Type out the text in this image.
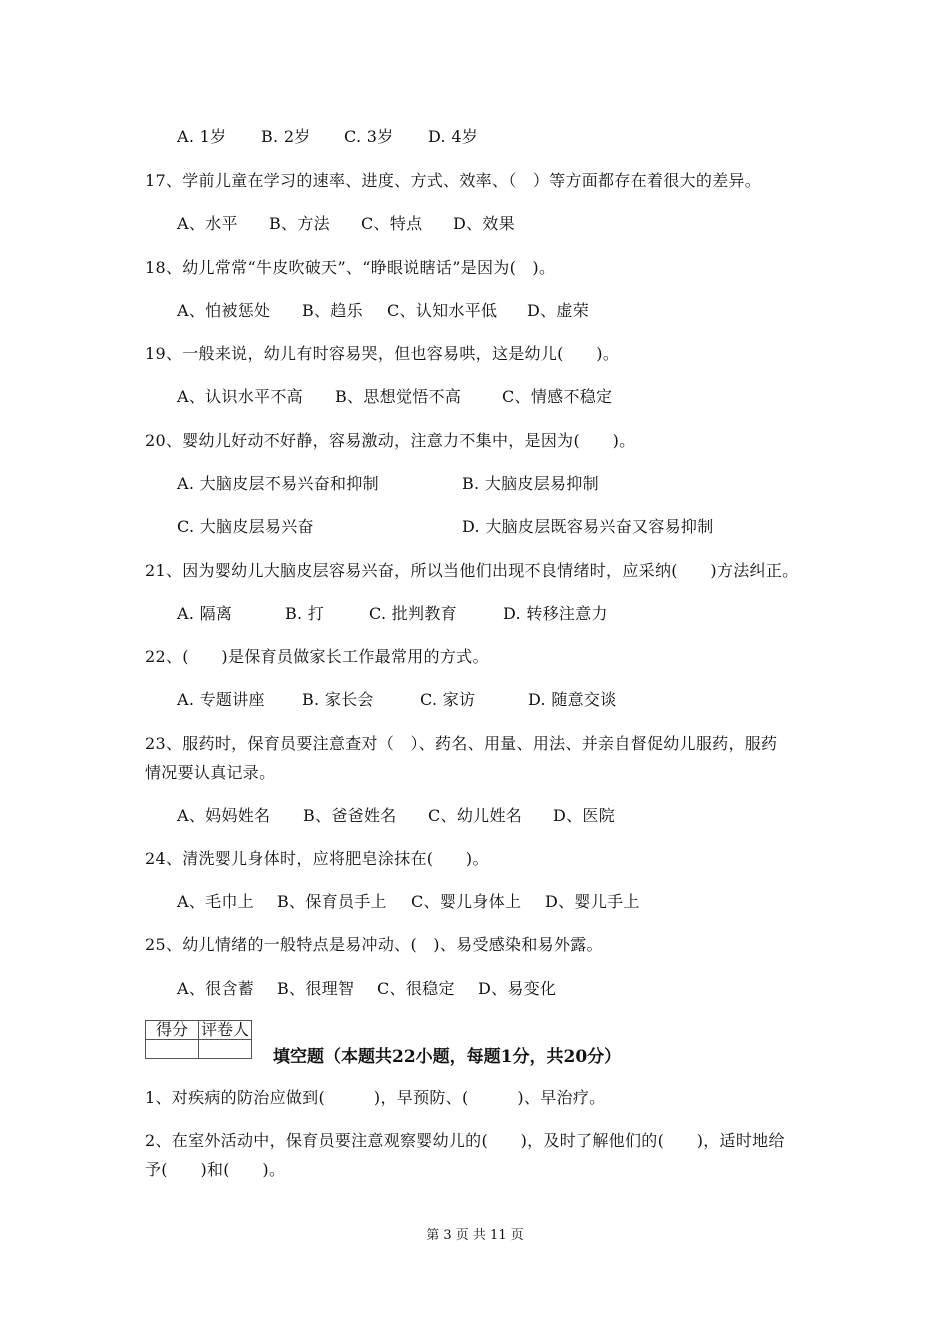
A. 1岁

B. 2岁

C. 3岁

D. 4岁

17、学前儿童在学习的速率、进度、方式、效率、（　）等方面都存在着很大的差异。

A、水平

B、方法

C、特点

D、效果

18、幼儿常常“牛皮吹破天”、“睁眼说瞎话”是因为(　)。

A、怕被惩处

B、趋乐

C、认知水平低

D、虚荣

19、一般来说，幼儿有时容易哭，但也容易哄，这是幼儿(　　)。

A、认识水平不高

B、思想觉悟不高

	C、情感不稳定

20、婴幼儿好动不好静，容易激动，注意力不集中，是因为(　　)。

A. 大脑皮层不易兴奋和抑制

	B. 大脑皮层易抑制

C. 大脑皮层易兴奋

	D. 大脑皮层既容易兴奋又容易抑制

21、因为婴幼儿大脑皮层容易兴奋，所以当他们出现不良情绪时，应采纳(　　)方法纠正。

A. 隔离

	B. 打

	C. 批判教育

	D. 转移注意力

22、(　　)是保育员做家长工作最常用的方式。

A. 专题讲座

B. 家长会

	C. 家访

	D. 随意交谈

23、服药时，保育员要注意查对（　）、药名、用量、用法、并亲自督促幼儿服药，服药
情况要认真记录。

A、妈妈姓名

B、爸爸姓名

C、幼儿姓名

D、医院

24、清洗婴儿身体时，应将肥皂涂抹在(　　)。

A、毛巾上

B、保育员手上

C、婴儿身体上

D、婴儿手上

25、幼儿情绪的一般特点是易冲动、(　)、易受感染和易外露。

A、很含蓄

B、很理智

C、很稳定

D、易变化

得分	评卷人

填空题（本题共22小题，每题1分，共20分）
1、对疾病的防治应做到(　　　)，早预防、(　　　)、早治疗。
2、在室外活动中，保育员要注意观察婴幼儿的(　　)，及时了解他们的(　　)，适时地给
予(　　)和(　　)。
第 3 页 共 11 页
